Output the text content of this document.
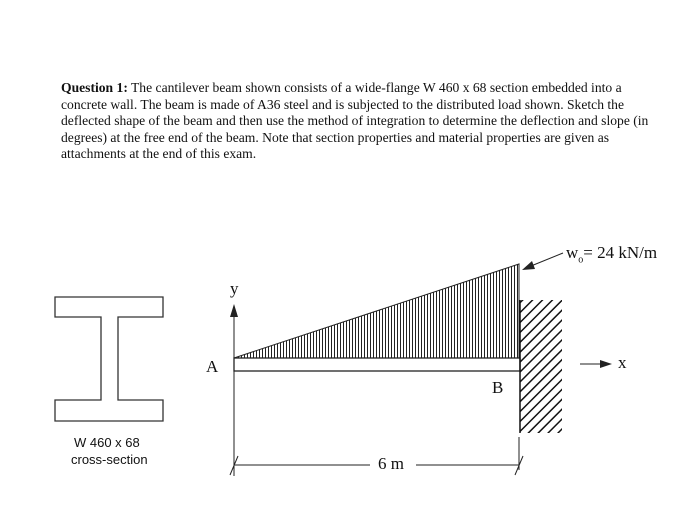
Question 1: The cantilever beam shown consists of a wide-flange W 460 x 68 section embedded into a concrete wall. The beam is made of A36 steel and is subjected to the distributed load shown. Sketch the deflected shape of the beam and then use the method of integration to determine the deflection and slope (in degrees) at the free end of the beam. Note that section properties and material properties are given as attachments at the end of this exam.

A
B
y
x
6 m
$w_o= 24$ kN/m
W 460 x 68
cross-section
